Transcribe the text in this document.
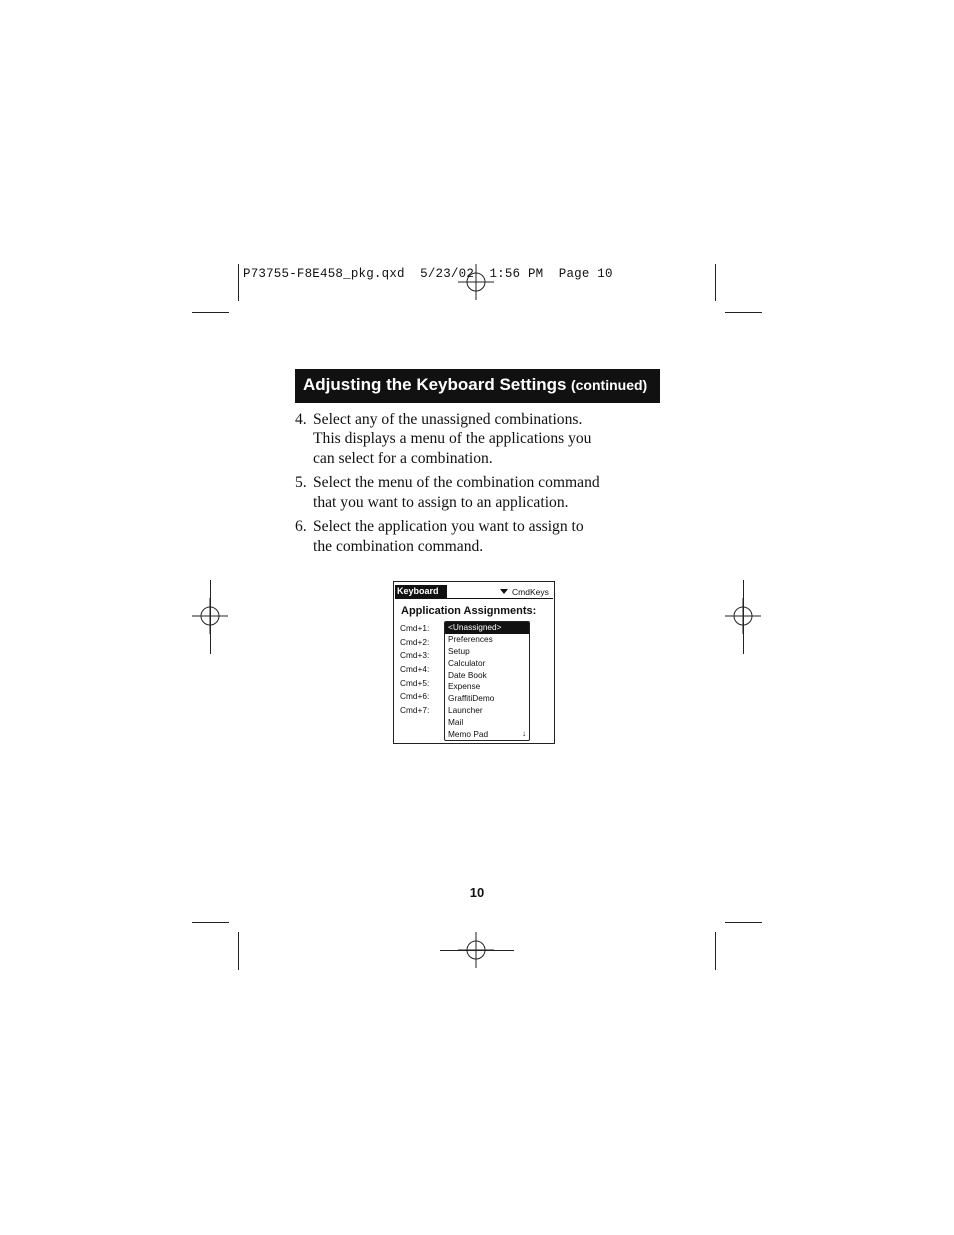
P73755-F8E458_pkg.qxd  5/23/02  1:56 PM  Page 10
Adjusting the Keyboard Settings (continued)
4. Select any of the unassigned combinations.
This displays a menu of the applications you
can select for a combination.
5. Select the menu of the combination command
that you want to assign to an application.
6. Select the application you want to assign to
the combination command.
Keyboard	CmdKeys
Application Assignments:
Cmd+1:
Cmd+2:
Cmd+3:
Cmd+4:
Cmd+5:
Cmd+6:
Cmd+7:
<Unassigned>
Preferences
Setup
Calculator
Date Book
Expense
GraffitiDemo
Launcher
Mail
Memo Pad	↓
10
